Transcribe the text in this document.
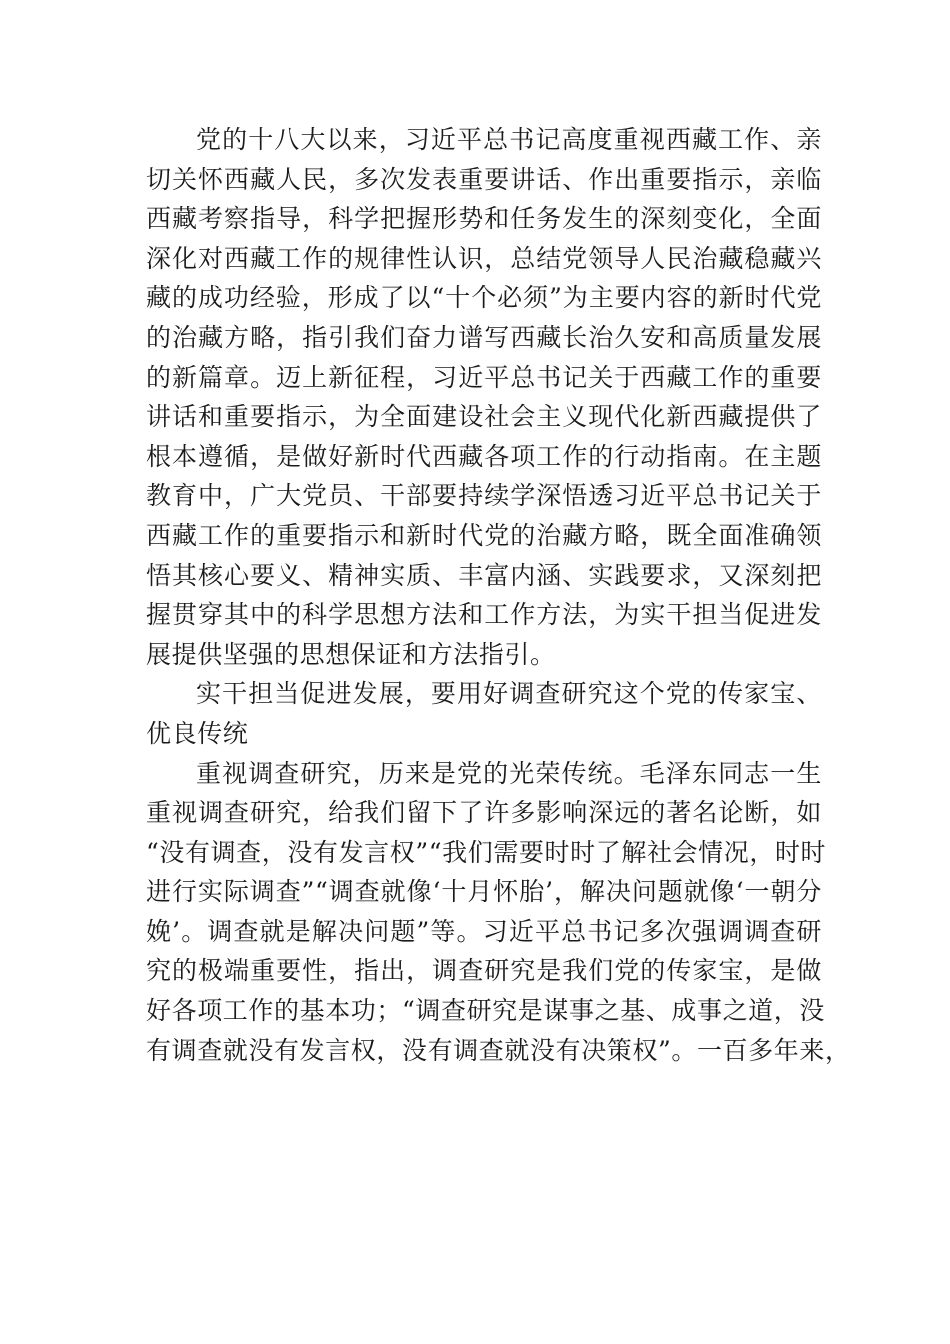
党的十八大以来，习近平总书记高度重视西藏工作、亲
切关怀西藏人民，多次发表重要讲话、作出重要指示，亲临
西藏考察指导，科学把握形势和任务发生的深刻变化，全面
深化对西藏工作的规律性认识，总结党领导人民治藏稳藏兴
藏的成功经验，形成了以“十个必须”为主要内容的新时代党
的治藏方略，指引我们奋力谱写西藏长治久安和高质量发展
的新篇章。迈上新征程，习近平总书记关于西藏工作的重要
讲话和重要指示，为全面建设社会主义现代化新西藏提供了
根本遵循，是做好新时代西藏各项工作的行动指南。在主题
教育中，广大党员、干部要持续学深悟透习近平总书记关于
西藏工作的重要指示和新时代党的治藏方略，既全面准确领
悟其核心要义、精神实质、丰富内涵、实践要求，又深刻把
握贯穿其中的科学思想方法和工作方法，为实干担当促进发
展提供坚强的思想保证和方法指引。
实干担当促进发展，要用好调查研究这个党的传家宝、
优良传统
重视调查研究，历来是党的光荣传统。毛泽东同志一生
重视调查研究，给我们留下了许多影响深远的著名论断，如
“没有调查，没有发言权”“我们需要时时了解社会情况，时时
进行实际调查”“调查就像‘十月怀胎’，解决问题就像‘一朝分
娩’。调查就是解决问题”等。习近平总书记多次强调调查研
究的极端重要性，指出，调查研究是我们党的传家宝，是做
好各项工作的基本功；“调查研究是谋事之基、成事之道，没
有调查就没有发言权，没有调查就没有决策权”。一百多年来，
